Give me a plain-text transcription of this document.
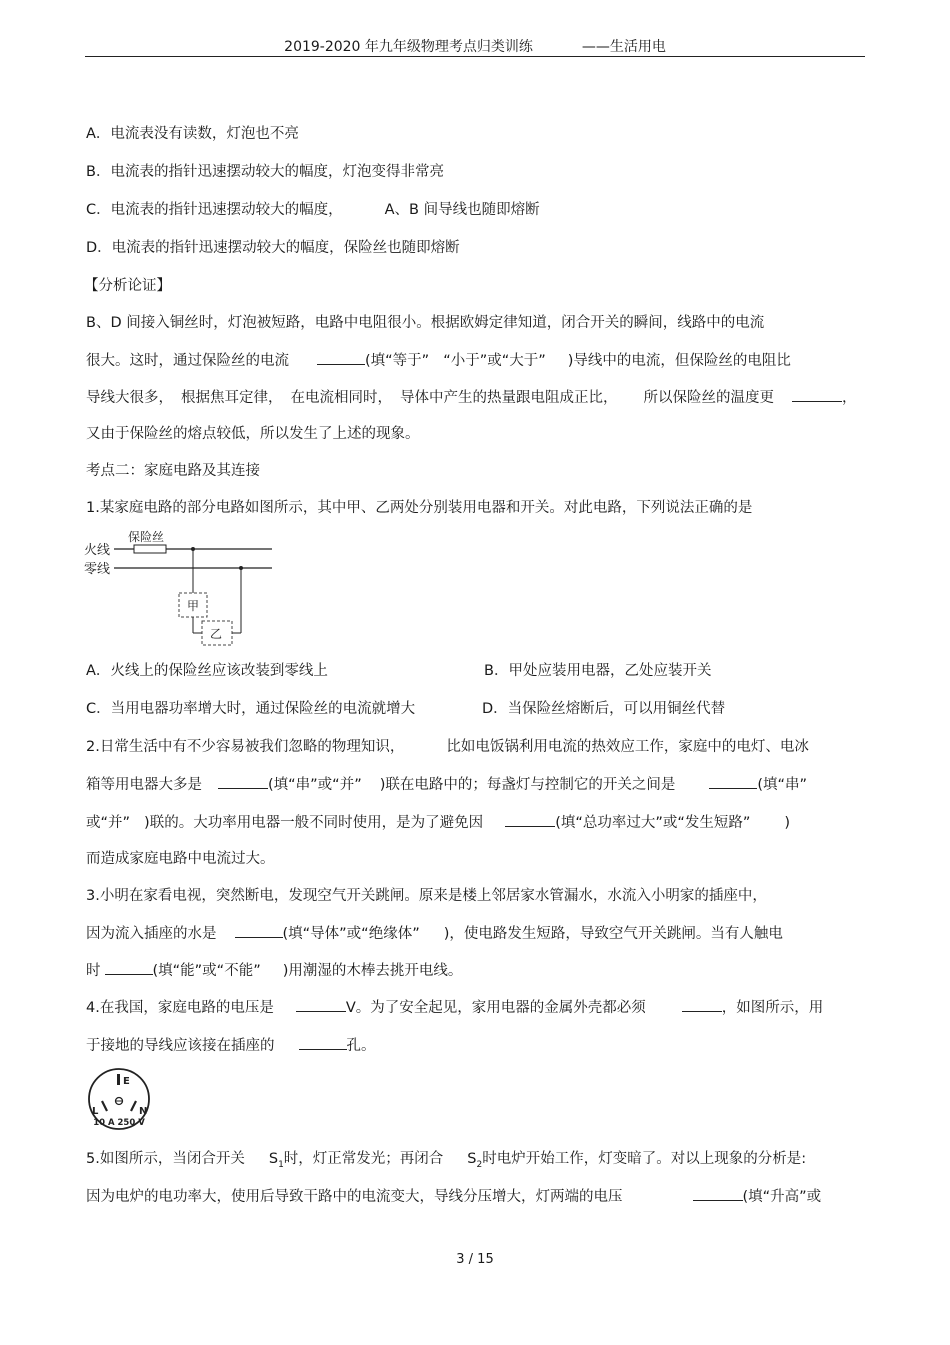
2019-2020 年九年级物理考点归类训练	——生活用电
A．电流表没有读数，灯泡也不亮
B．电流表的指针迅速摆动较大的幅度，灯泡变得非常亮
C．电流表的指针迅速摆动较大的幅度，	A、B 间导线也随即熔断
D．电流表的指针迅速摆动较大的幅度，保险丝也随即熔断
【分析论证】
B、D 间接入铜丝时，灯泡被短路，电路中电阻很小。根据欧姆定律知道，闭合开关的瞬间，线路中的电流
很大。这时，通过保险丝的电流	(填“等于” “小于”或“大于” )导线中的电流，但保险丝的电阻比
导线大很多， 根据焦耳定律， 在电流相同时， 导体中产生的热量跟电阻成正比， 所以保险丝的温度更	，
又由于保险丝的熔点较低，所以发生了上述的现象。
考点二：家庭电路及其连接
1.某家庭电路的部分电路如图所示，其中甲、乙两处分别装用电器和开关。对此电路，下列说法正确的是
火线
零线
保险丝
甲
乙
A．火线上的保险丝应该改装到零线上	B．甲处应装用电器，乙处应装开关
C．当用电器功率增大时，通过保险丝的电流就增大	D．当保险丝熔断后，可以用铜丝代替
2.日常生活中有不少容易被我们忽略的物理知识，	比如电饭锅利用电流的热效应工作，家庭中的电灯、电冰
箱等用电器大多是	(填“串”或“并” )联在电路中的；每盏灯与控制它的开关之间是	(填“串”
或“并” )联的。大功率用电器一般不同时使用，是为了避免因	(填“总功率过大”或“发生短路” )
而造成家庭电路中电流过大。
3.小明在家看电视，突然断电，发现空气开关跳闸。原来是楼上邻居家水管漏水，水流入小明家的插座中，
因为流入插座的水是	(填“导体”或“绝缘体” )，使电路发生短路，导致空气开关跳闸。当有人触电
时	(填“能”或“不能” )用潮湿的木棒去挑开电线。
4.在我国，家庭电路的电压是	V。为了安全起见，家用电器的金属外壳都必须	，如图所示，用
于接地的导线应该接在插座的	孔。
E
L	N
10 A 250 V
5.如图所示，当闭合开关 $S_1$时，灯正常发光；再闭合 $S_2$时电炉开始工作，灯变暗了。对以上现象的分析是:
因为电炉的电功率大，使用后导致干路中的电流变大，导线分压增大，灯两端的电压	(填“升高”或
3 / 15
